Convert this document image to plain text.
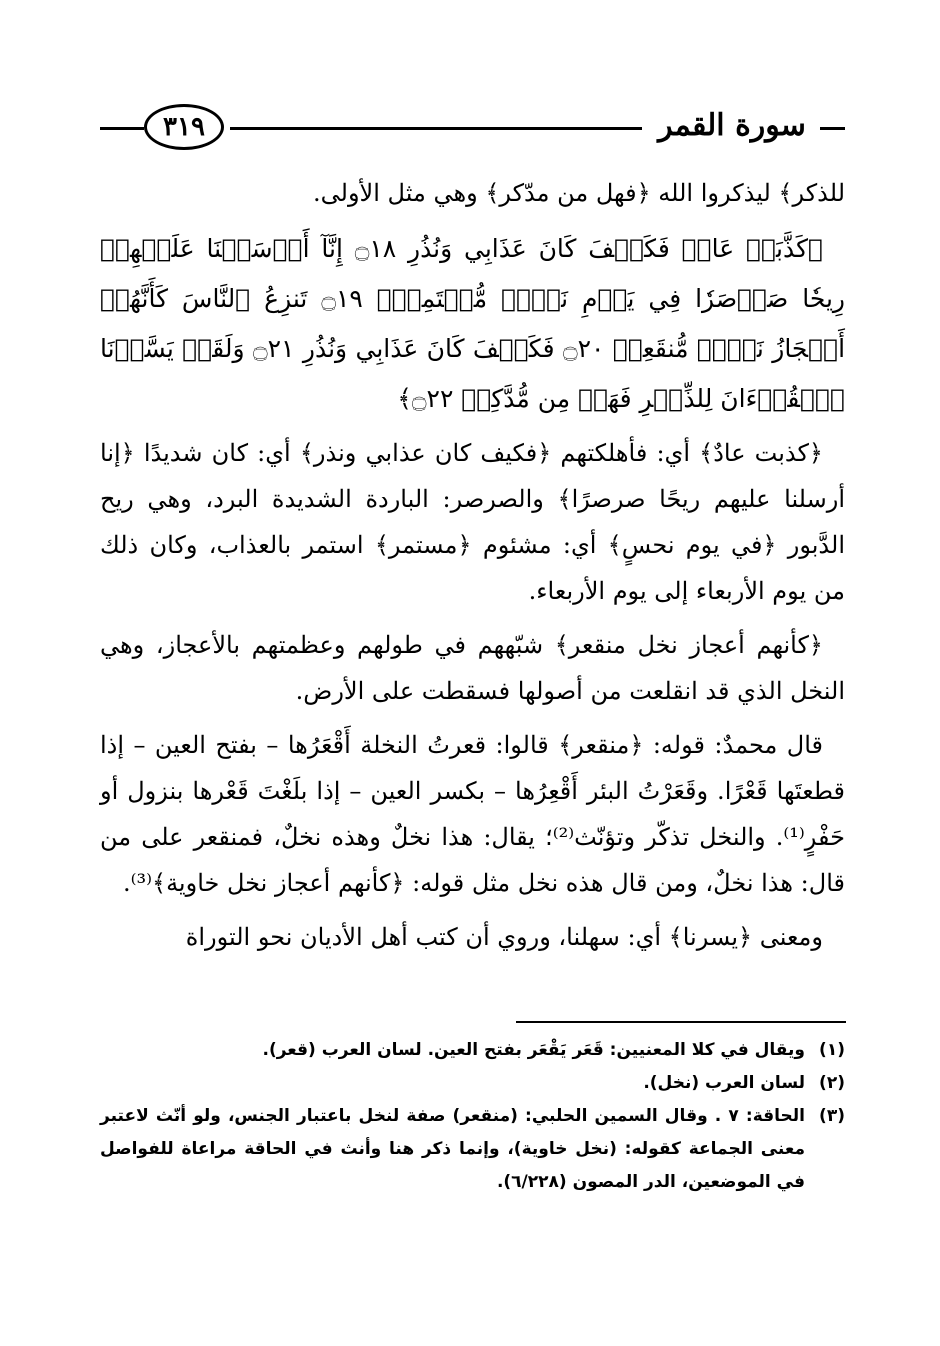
٣١٩	سورة القمر

للذكر﴾ ليذكروا الله ﴿فهل من مدّكر﴾ وهي مثل الأولى.

﴿كَذَّبَتۡ عَادٞ فَكَيۡفَ كَانَ عَذَابِي وَنُذُرِ ۝١٨ إِنَّآ أَرۡسَلۡنَا عَلَيۡهِمۡ رِيحٗا صَرۡصَرٗا فِي يَوۡمِ نَحۡسٖ مُّسۡتَمِرّٖ ۝١٩ تَنزِعُ ٱلنَّاسَ كَأَنَّهُمۡ أَعۡجَازُ نَخۡلٖ مُّنقَعِرٖ ۝٢٠ فَكَيۡفَ كَانَ عَذَابِي وَنُذُرِ ۝٢١ وَلَقَدۡ يَسَّرۡنَا ٱلۡقُرۡءَانَ لِلذِّكۡرِ فَهَلۡ مِن مُّدَّكِرٖ ۝٢٢﴾

﴿كذبت عادٌ﴾ أي: فأهلكتهم ﴿فكيف كان عذابي ونذر﴾ أي: كان شديدًا ﴿إنا أرسلنا عليهم ريحًا صرصرًا﴾ والصرصر: الباردة الشديدة البرد، وهي ريح الدَّبور ﴿في يوم نحسٍ﴾ أي: مشئوم ﴿مستمر﴾ استمر بالعذاب، وكان ذلك من يوم الأربعاء إلى يوم الأربعاء.

﴿كأنهم أعجاز نخل منقعر﴾ شبّههم في طولهم وعظمتهم بالأعجاز، وهي النخل الذي قد انقلعت من أصولها فسقطت على الأرض.

قال محمدٌ: قوله: ﴿منقعر﴾ قالوا: قعرتُ النخلة أَقْعَرُها – بفتح العين – إذا قطعتَها قَعْرًا. وقَعَرْتُ البئر أَقْعِرُها – بكسر العين – إذا بلَغْتَ قَعْرها بنزول أو حَفْرٍ⁽¹⁾. والنخل تذكّر وتؤنّث⁽²⁾؛ يقال: هذا نخلٌ وهذه نخلٌ، فمنقعر على من قال: هذا نخلٌ، ومن قال هذه نخل مثل قوله: ﴿كأنهم أعجاز نخل خاوية﴾⁽³⁾.

ومعنى ﴿يسرنا﴾ أي: سهلنا، وروي أن كتب أهل الأديان نحو التوراة

(١)
ويقال في كلا المعنيين: قَعَر يَقْعَر بفتح العين. لسان العرب (قعر).
(٢)
لسان العرب (نخل).
(٣)
الحاقة: ٧ . وقال السمين الحلبي: (منقعر) صفة لنخل باعتبار الجنس، ولو أنّث لاعتبر معنى الجماعة كقوله: (نخل خاوية)، وإنما ذكر هنا وأنث في الحاقة مراعاة للفواصل في الموضعين، الدر المصون (٦/٢٢٨).
